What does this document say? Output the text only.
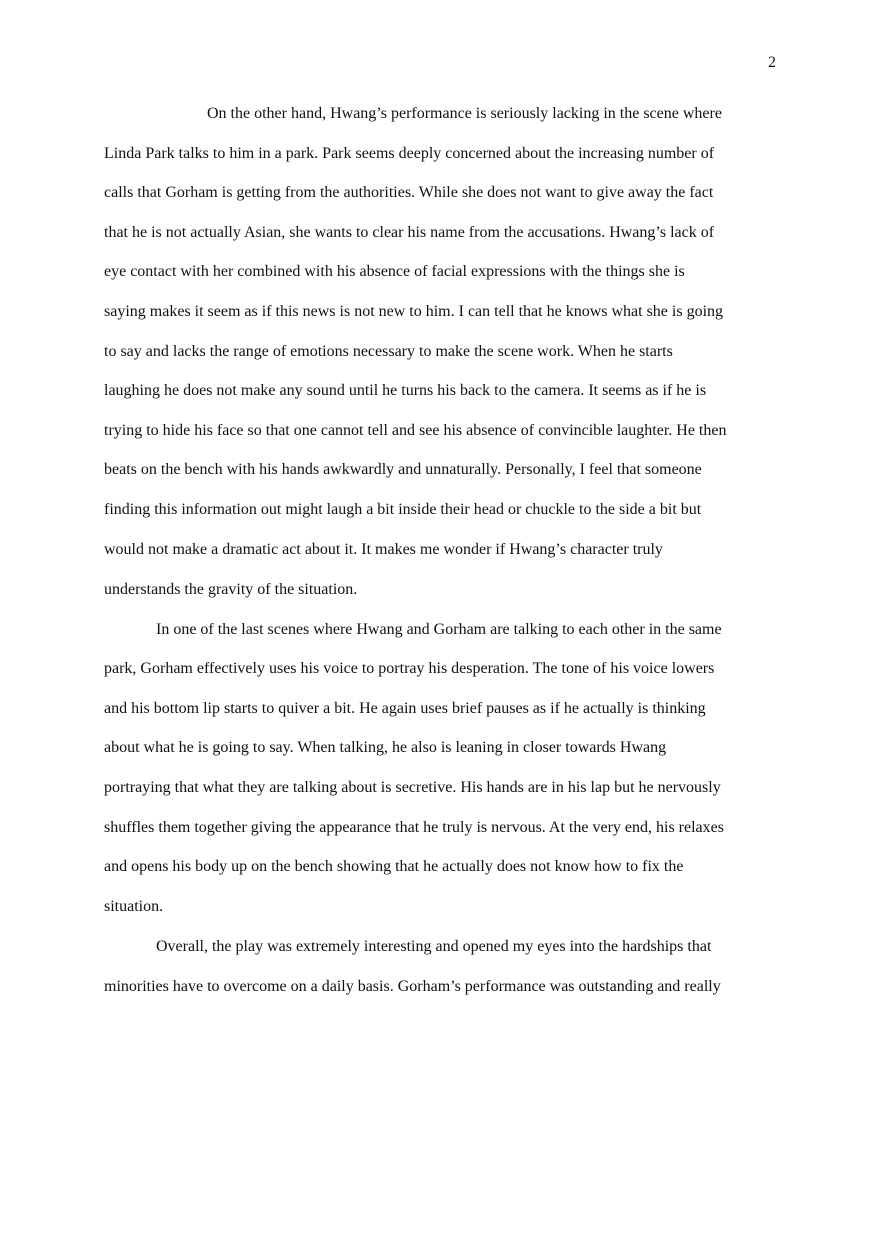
2
On the other hand, Hwang’s performance is seriously lacking in the scene where
Linda Park talks to him in a park. Park seems deeply concerned about the increasing number of
calls that Gorham is getting from the authorities. While she does not want to give away the fact
that he is not actually Asian, she wants to clear his name from the accusations. Hwang’s lack of
eye contact with her combined with his absence of facial expressions with the things she is
saying makes it seem as if this news is not new to him. I can tell that he knows what she is going
to say and lacks the range of emotions necessary to make the scene work. When he starts
laughing he does not make any sound until he turns his back to the camera. It seems as if he is
trying to hide his face so that one cannot tell and see his absence of convincible laughter. He then
beats on the bench with his hands awkwardly and unnaturally. Personally, I feel that someone
finding this information out might laugh a bit inside their head or chuckle to the side a bit but
would not make a dramatic act about it. It makes me wonder if Hwang’s character truly
understands the gravity of the situation.
In one of the last scenes where Hwang and Gorham are talking to each other in the same
park, Gorham effectively uses his voice to portray his desperation. The tone of his voice lowers
and his bottom lip starts to quiver a bit. He again uses brief pauses as if he actually is thinking
about what he is going to say. When talking, he also is leaning in closer towards Hwang
portraying that what they are talking about is secretive. His hands are in his lap but he nervously
shuffles them together giving the appearance that he truly is nervous. At the very end, his relaxes
and opens his body up on the bench showing that he actually does not know how to fix the
situation.
Overall, the play was extremely interesting and opened my eyes into the hardships that
minorities have to overcome on a daily basis. Gorham’s performance was outstanding and really
